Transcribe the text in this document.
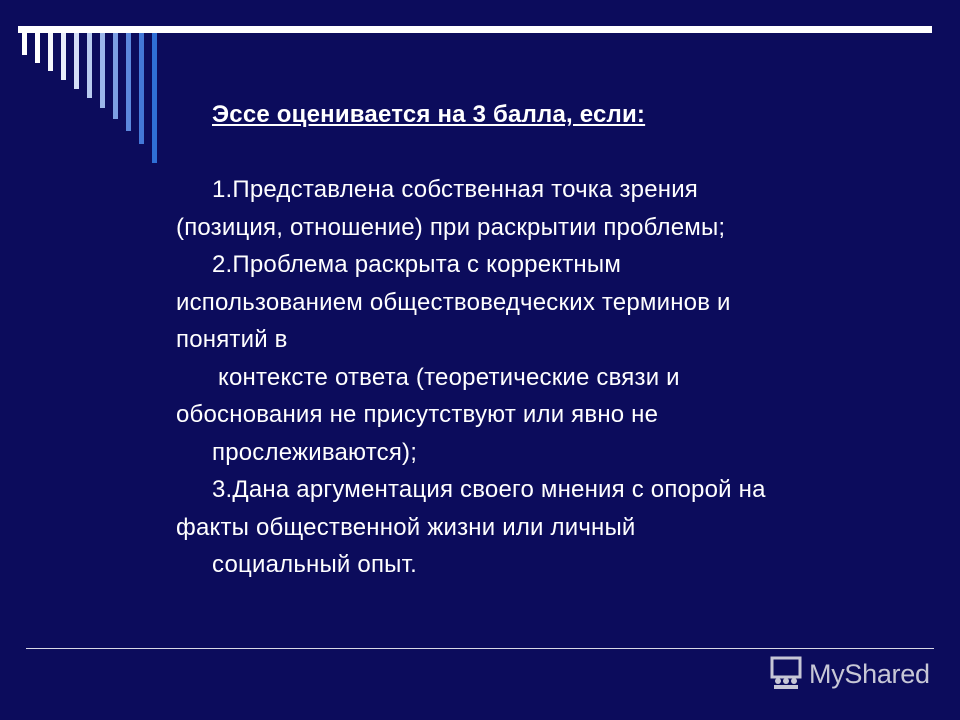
Эссе оценивается на 3 балла, если:
1.Представлена собственная точка зрения
(позиция, отношение) при раскрытии проблемы;
2.Проблема раскрыта с корректным
использованием обществоведческих терминов и
понятий в
контексте ответа (теоретические связи и
обоснования не присутствуют или явно не
прослеживаются);
3.Дана аргументация своего мнения с опорой на
факты общественной жизни или личный
социальный опыт.
MyShared
